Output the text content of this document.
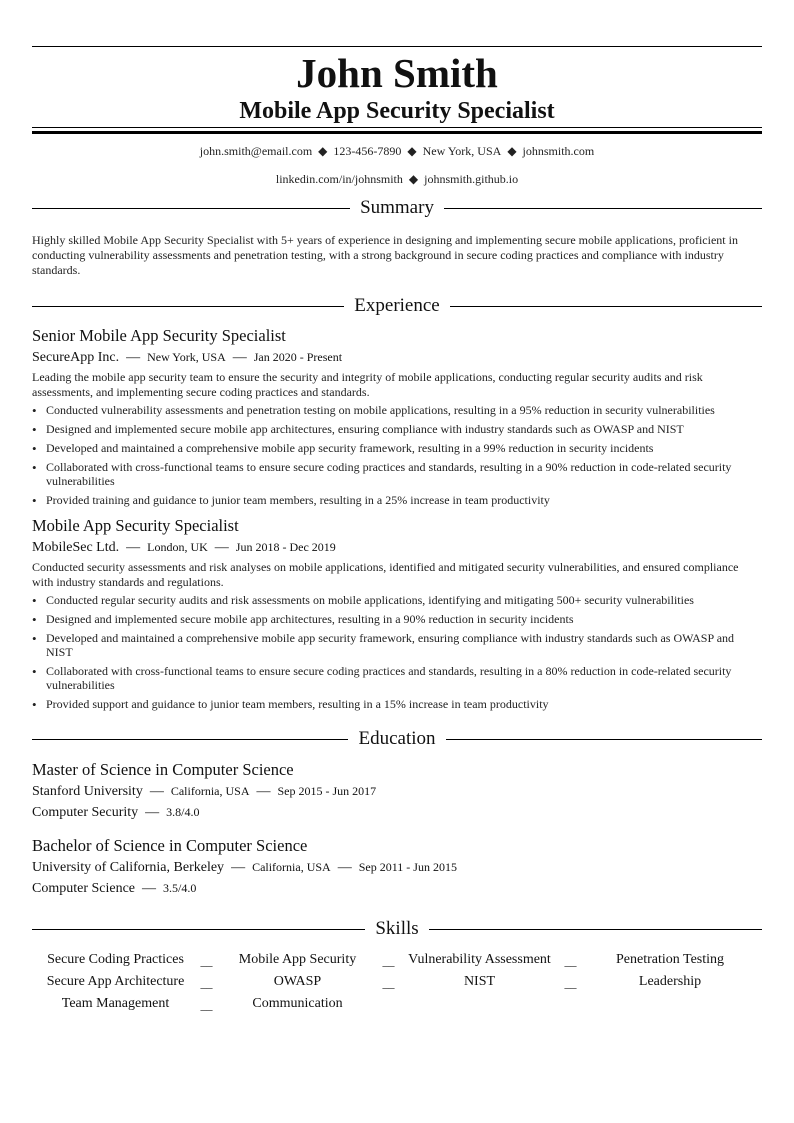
John Smith
Mobile App Security Specialist
john.smith@email.com ◆ 123-456-7890 ◆ New York, USA ◆ johnsmith.com
linkedin.com/in/johnsmith ◆ johnsmith.github.io
Summary
Highly skilled Mobile App Security Specialist with 5+ years of experience in designing and implementing secure mobile applications, proficient in conducting vulnerability assessments and penetration testing, with a strong background in secure coding practices and compliance with industry standards.
Experience
Senior Mobile App Security Specialist
SecureApp Inc. — New York, USA — Jan 2020 - Present
Leading the mobile app security team to ensure the security and integrity of mobile applications, conducting regular security audits and risk assessments, and implementing secure coding practices and standards.
• Conducted vulnerability assessments and penetration testing on mobile applications, resulting in a 95% reduction in security vulnerabilities
• Designed and implemented secure mobile app architectures, ensuring compliance with industry standards such as OWASP and NIST
• Developed and maintained a comprehensive mobile app security framework, resulting in a 99% reduction in security incidents
• Collaborated with cross-functional teams to ensure secure coding practices and standards, resulting in a 90% reduction in code-related security vulnerabilities
• Provided training and guidance to junior team members, resulting in a 25% increase in team productivity
Mobile App Security Specialist
MobileSec Ltd. — London, UK — Jun 2018 - Dec 2019
Conducted security assessments and risk analyses on mobile applications, identified and mitigated security vulnerabilities, and ensured compliance with industry standards and regulations.
• Conducted regular security audits and risk assessments on mobile applications, identifying and mitigating 500+ security vulnerabilities
• Designed and implemented secure mobile app architectures, resulting in a 90% reduction in security incidents
• Developed and maintained a comprehensive mobile app security framework, ensuring compliance with industry standards such as OWASP and NIST
• Collaborated with cross-functional teams to ensure secure coding practices and standards, resulting in a 80% reduction in code-related security vulnerabilities
• Provided support and guidance to junior team members, resulting in a 15% increase in team productivity
Education
Master of Science in Computer Science
Stanford University — California, USA — Sep 2015 - Jun 2017
Computer Security — 3.8/4.0
Bachelor of Science in Computer Science
University of California, Berkeley — California, USA — Sep 2011 - Jun 2015
Computer Science — 3.5/4.0
Skills
Secure Coding Practices	__	Mobile App Security	__ Vulnerability Assessment	__	Penetration Testing
Secure App Architecture	__	OWASP	__	NIST	__	Leadership
Team Management	__	Communication
